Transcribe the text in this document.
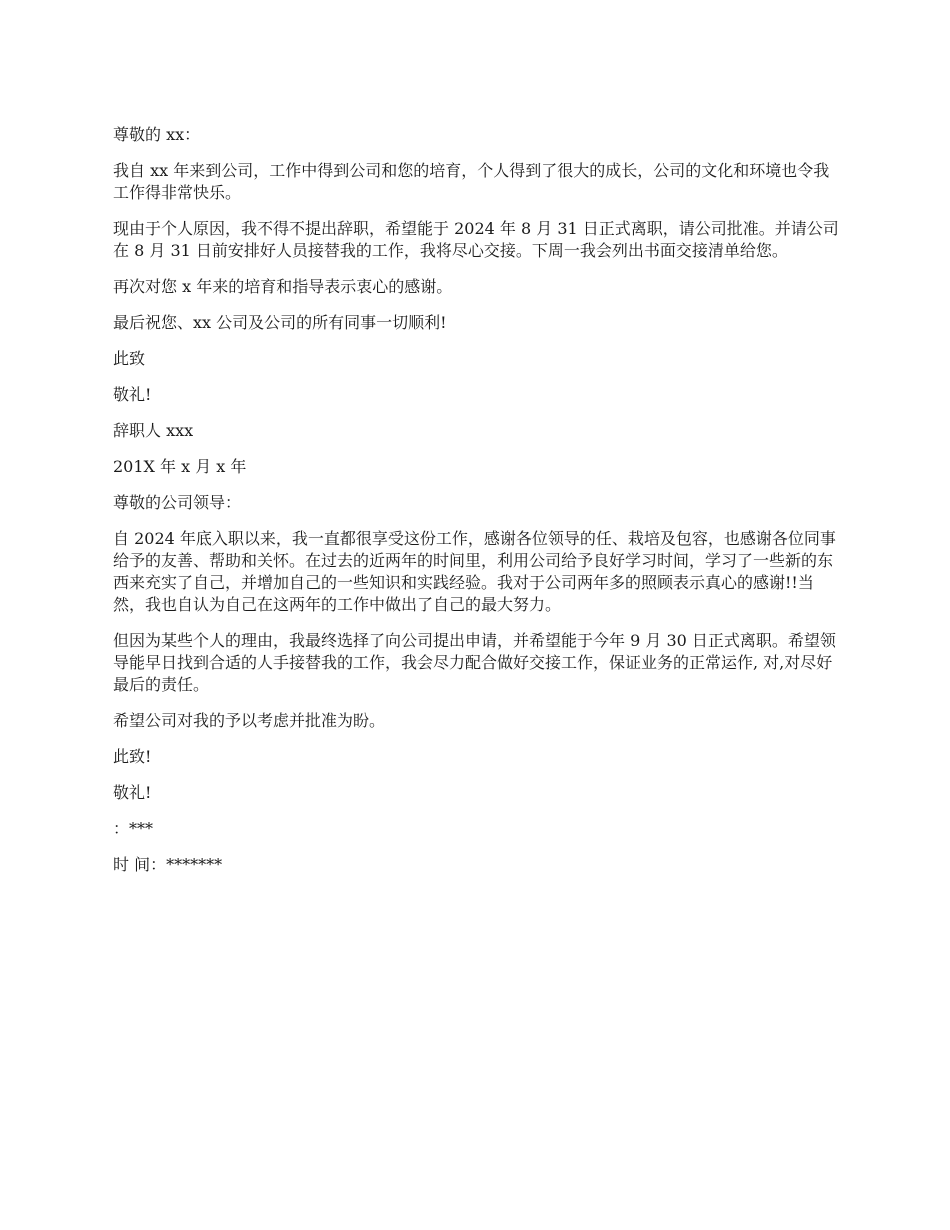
尊敬的 xx：

我自 xx 年来到公司，工作中得到公司和您的培育，个人得到了很大的成长，公司的文化和环境也令我工作得非常快乐。

现由于个人原因，我不得不提出辞职，希望能于 2024 年 8 月 31 日正式离职，请公司批准。并请公司在 8 月 31 日前安排好人员接替我的工作，我将尽心交接。下周一我会列出书面交接清单给您。

再次对您 x 年来的培育和指导表示衷心的感谢。

最后祝您、xx 公司及公司的所有同事一切顺利!

此致

敬礼!

辞职人 xxx

201X 年 x 月 x 年

尊敬的公司领导：

自 2024 年底入职以来，我一直都很享受这份工作，感谢各位领导的任、栽培及包容，也感谢各位同事给予的友善、帮助和关怀。在过去的近两年的时间里，利用公司给予良好学习时间，学习了一些新的东西来充实了自己，并增加自己的一些知识和实践经验。我对于公司两年多的照顾表示真心的感谢!!当然，我也自认为自己在这两年的工作中做出了自己的最大努力。

但因为某些个人的理由，我最终选择了向公司提出申请，并希望能于今年 9 月 30 日正式离职。希望领导能早日找到合适的人手接替我的工作，我会尽力配合做好交接工作，保证业务的正常运作, 对,对尽好最后的责任。

希望公司对我的予以考虑并批准为盼。

此致!

敬礼!

：***

时 间：*******
